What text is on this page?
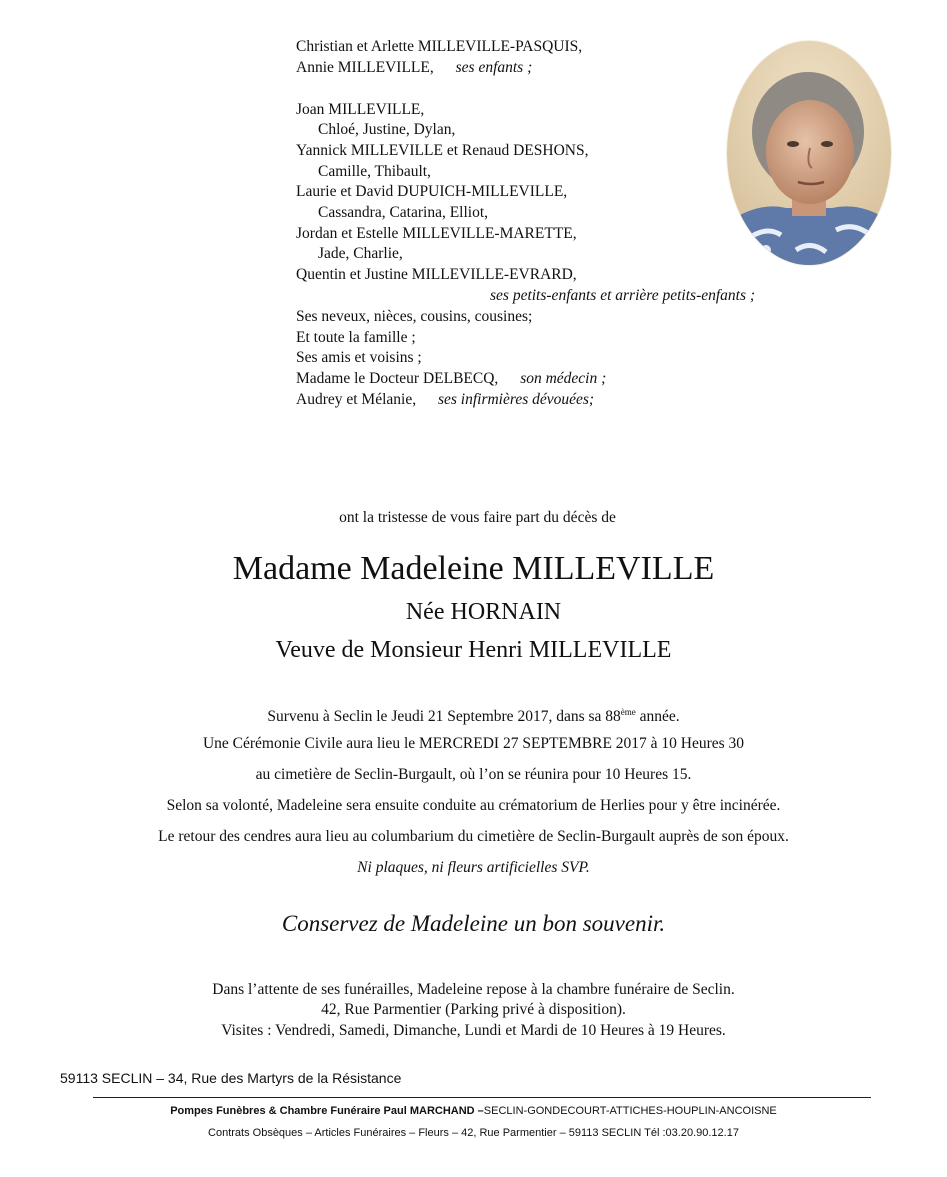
Christian et Arlette MILLEVILLE-PASQUIS,
Annie MILLEVILLE, ses enfants ;
Joan MILLEVILLE,
Chloé, Justine, Dylan,
Yannick MILLEVILLE et Renaud DESHONS,
Camille, Thibault,
Laurie et David DUPUICH-MILLEVILLE,
Cassandra, Catarina, Elliot,
Jordan et Estelle MILLEVILLE-MARETTE,
Jade, Charlie,
Quentin et Justine MILLEVILLE-EVRARD,
ses petits-enfants et arrière petits-enfants ;
Ses neveux, nièces, cousins, cousines;
Et toute la famille ;
Ses amis et voisins ;
Madame le Docteur DELBECQ, son médecin ;
Audrey et Mélanie, ses infirmières dévouées;
ont la tristesse de vous faire part du décès de
Madame Madeleine MILLEVILLE
Née HORNAIN
Veuve de Monsieur Henri MILLEVILLE
Survenu à Seclin le Jeudi 21 Septembre 2017, dans sa 88ème année.
Une Cérémonie Civile aura lieu le MERCREDI 27 SEPTEMBRE 2017 à 10 Heures 30
au cimetière de Seclin-Burgault, où l’on se réunira pour 10 Heures 15.
Selon sa volonté, Madeleine sera ensuite conduite au crématorium de Herlies pour y être incinérée.
Le retour des cendres aura lieu au columbarium du cimetière de Seclin-Burgault auprès de son époux.
Ni plaques, ni fleurs artificielles SVP.
Conservez de Madeleine un bon souvenir.
Dans l’attente de ses funérailles, Madeleine repose à la chambre funéraire de Seclin.
42, Rue Parmentier (Parking privé à disposition).
Visites : Vendredi, Samedi, Dimanche, Lundi et Mardi de 10 Heures à 19 Heures.
59113 SECLIN – 34, Rue des Martyrs de la Résistance
Pompes Funèbres & Chambre Funéraire Paul MARCHAND –SECLIN-GONDECOURT-ATTICHES-HOUPLIN-ANCOISNE
Contrats Obsèques – Articles Funéraires – Fleurs – 42, Rue Parmentier – 59113 SECLIN Tél :03.20.90.12.17
